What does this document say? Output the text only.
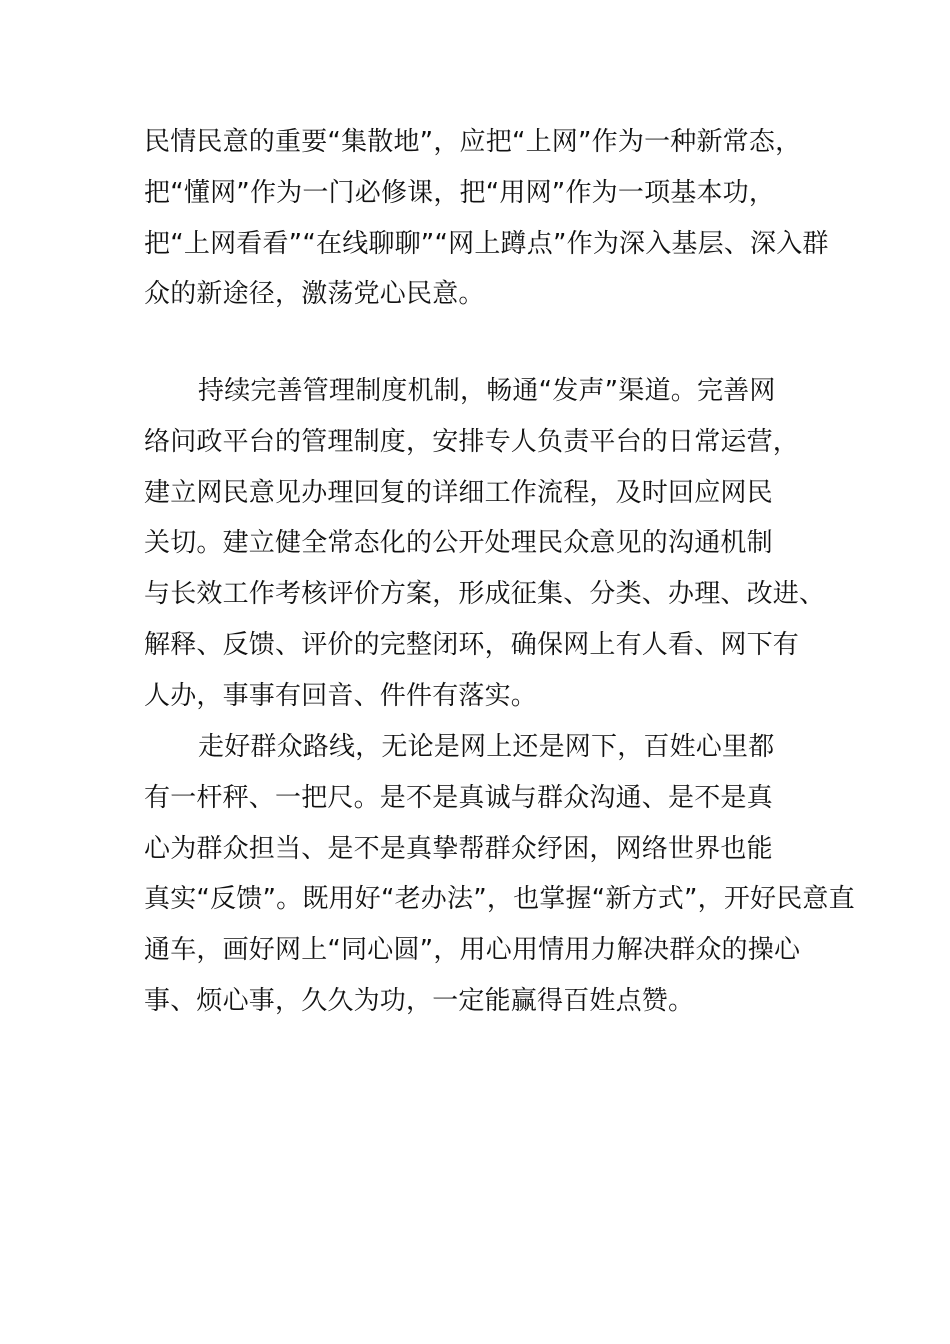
民情民意的重要“集散地”，应把“上网”作为一种新常态，
把“懂网”作为一门必修课，把“用网”作为一项基本功，
把“上网看看”“在线聊聊”“网上蹲点”作为深入基层、深入群
众的新途径，激荡党心民意。
持续完善管理制度机制，畅通“发声”渠道。完善网
络问政平台的管理制度，安排专人负责平台的日常运营，
建立网民意见办理回复的详细工作流程，及时回应网民
关切。建立健全常态化的公开处理民众意见的沟通机制
与长效工作考核评价方案，形成征集、分类、办理、改进、
解释、反馈、评价的完整闭环，确保网上有人看、网下有
人办，事事有回音、件件有落实。
走好群众路线，无论是网上还是网下，百姓心里都
有一杆秤、一把尺。是不是真诚与群众沟通、是不是真
心为群众担当、是不是真挚帮群众纾困，网络世界也能
真实“反馈”。既用好“老办法”，也掌握“新方式”，开好民意直
通车，画好网上“同心圆”，用心用情用力解决群众的操心
事、烦心事，久久为功，一定能赢得百姓点赞。
